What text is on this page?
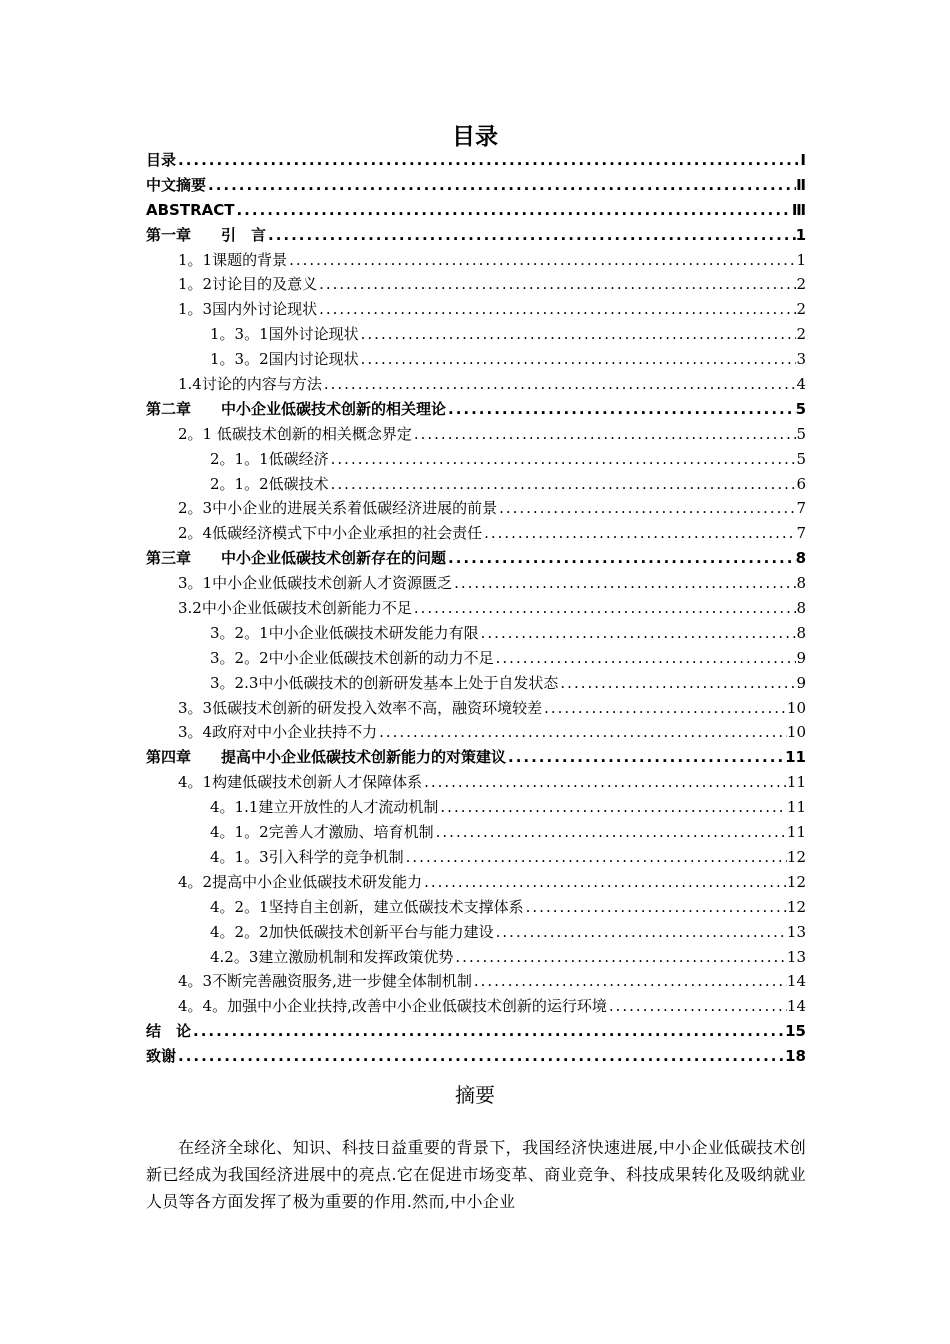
目录
目录 .....	Ⅰ
中文摘要 .....	Ⅱ
ABSTRACT .....	Ⅲ
第一章　　引　言 .....	1
1。1课题的背景 .....	1
1。2讨论目的及意义 .....	2
1。3国内外讨论现状 .....	2
1。3。1国外讨论现状 .....	2
1。3。2国内讨论现状 .....	3
1.4讨论的内容与方法 .....	4
第二章　　中小企业低碳技术创新的相关理论 .....	5
2。1 低碳技术创新的相关概念界定 .....	5
2。1。1低碳经济 .....	5
2。1。2低碳技术 .....	6
2。3中小企业的进展关系着低碳经济进展的前景 .....	7
2。4低碳经济模式下中小企业承担的社会责任 .....	7
第三章　　中小企业低碳技术创新存在的问题 .....	8
3。1中小企业低碳技术创新人才资源匮乏 .....	8
3.2中小企业低碳技术创新能力不足 .....	8
3。2。1中小企业低碳技术研发能力有限 .....	8
3。2。2中小企业低碳技术创新的动力不足 .....	9
3。2.3中小低碳技术的创新研发基本上处于自发状态 .....	9
3。3低碳技术创新的研发投入效率不高，融资环境较差 .....	10
3。4政府对中小企业扶持不力 .....	10
第四章　　提高中小企业低碳技术创新能力的对策建议 .....	11
4。1构建低碳技术创新人才保障体系 .....	11
4。1.1建立开放性的人才流动机制 .....	11
4。1。2完善人才激励、培育机制 .....	11
4。1。3引入科学的竞争机制 .....	12
4。2提高中小企业低碳技术研发能力 .....	12
4。2。1坚持自主创新，建立低碳技术支撑体系 .....	12
4。2。2加快低碳技术创新平台与能力建设 .....	13
4.2。3建立激励机制和发挥政策优势 .....	13
4。3不断完善融资服务,进一步健全体制机制 .....	14
4。4。加强中小企业扶持,改善中小企业低碳技术创新的运行环境 .....	14
结　论 .....	15
致谢 .....	18
摘要
在经济全球化、知识、科技日益重要的背景下，我国经济快速进展,中小企业低碳技术创新已经成为我国经济进展中的亮点.它在促进市场变革、商业竞争、科技成果转化及吸纳就业人员等各方面发挥了极为重要的作用.然而,中小企业
